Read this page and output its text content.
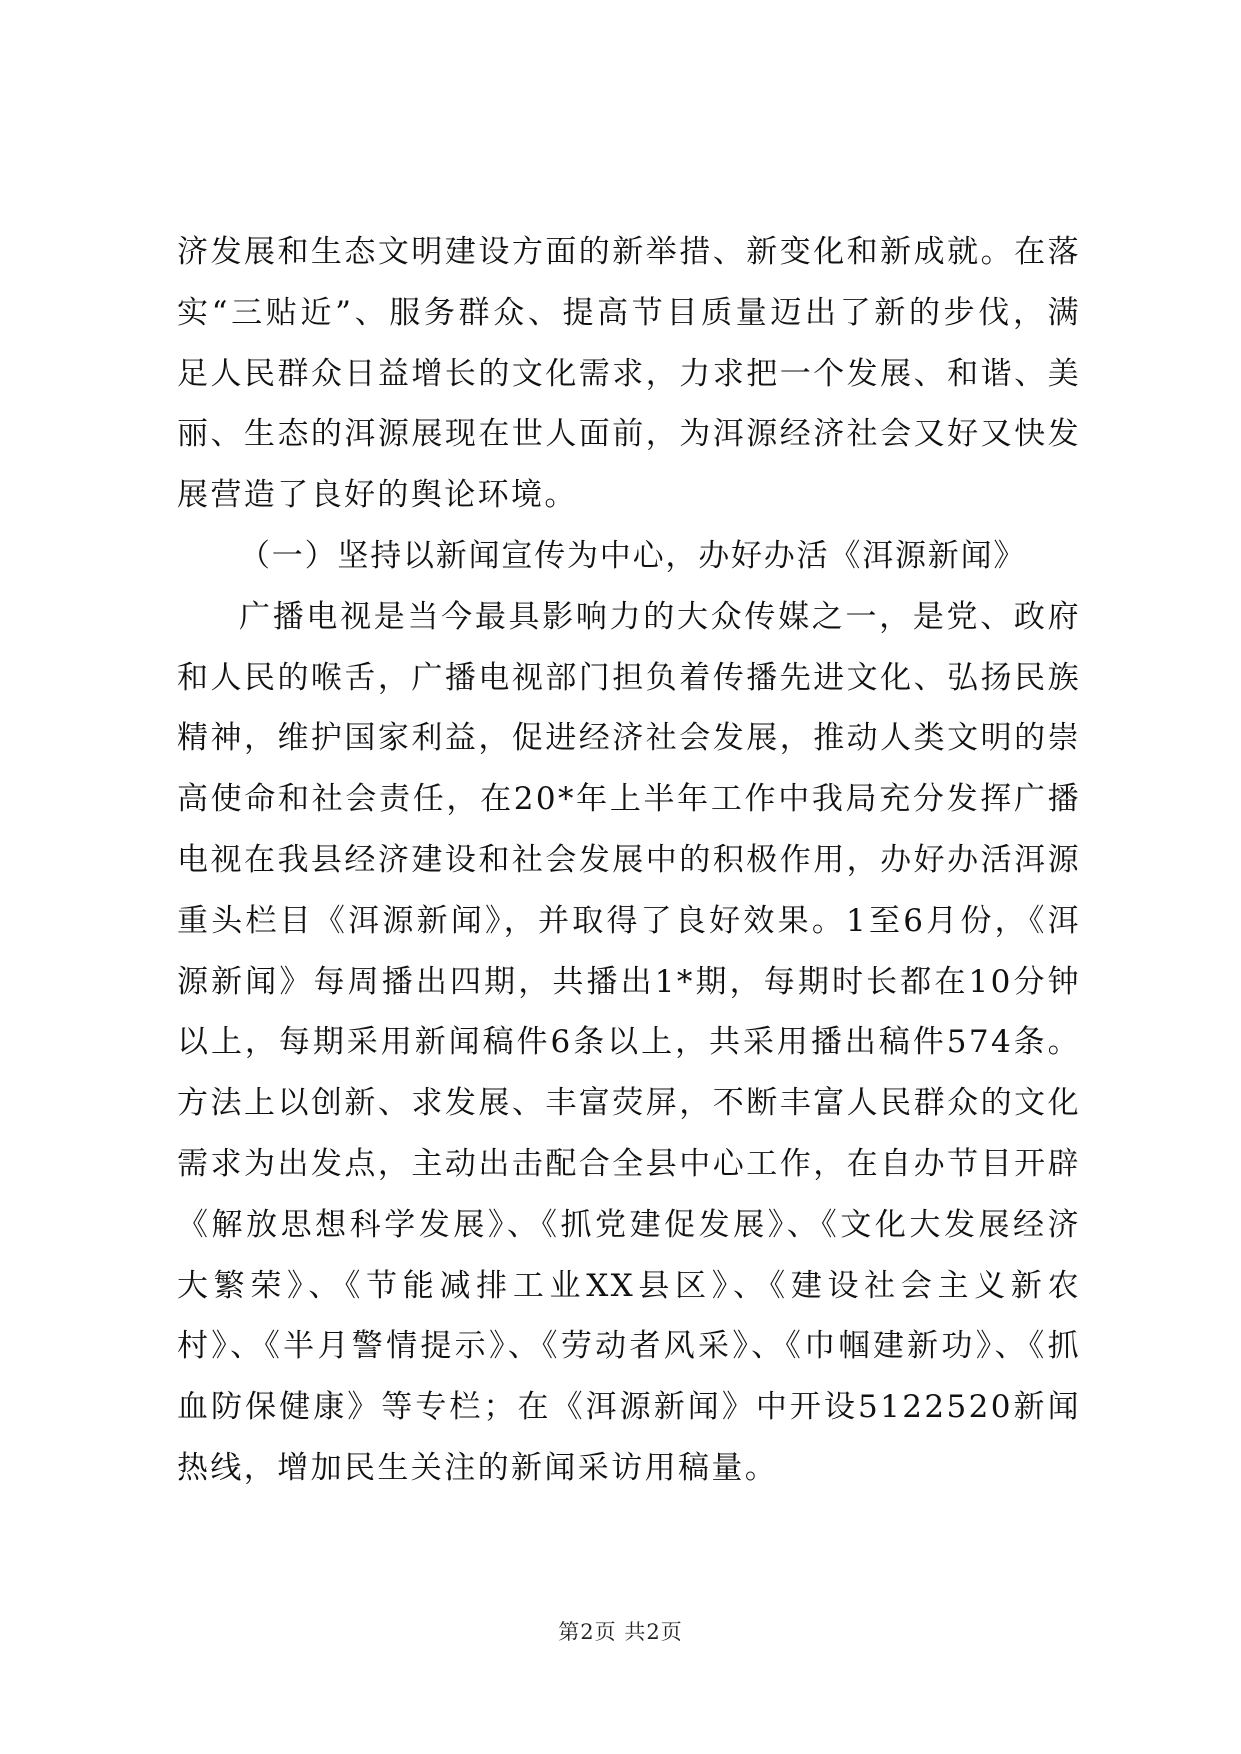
济发展和生态文明建设方面的新举措、新变化和新成就。在落实“三贴近”、服务群众、提高节目质量迈出了新的步伐，满足人民群众日益增长的文化需求，力求把一个发展、和谐、美丽、生态的洱源展现在世人面前，为洱源经济社会又好又快发展营造了良好的舆论环境。

（一）坚持以新闻宣传为中心，办好办活《洱源新闻》

广播电视是当今最具影响力的大众传媒之一，是党、政府和人民的喉舌，广播电视部门担负着传播先进文化、弘扬民族精神，维护国家利益，促进经济社会发展，推动人类文明的崇高使命和社会责任，在20*年上半年工作中我局充分发挥广播电视在我县经济建设和社会发展中的积极作用，办好办活洱源重头栏目《洱源新闻》，并取得了良好效果。1至6月份，《洱源新闻》每周播出四期，共播出1*期，每期时长都在10分钟以上，每期采用新闻稿件6条以上，共采用播出稿件574条。方法上以创新、求发展、丰富荧屏，不断丰富人民群众的文化需求为出发点，主动出击配合全县中心工作，在自办节目开辟《解放思想科学发展》、《抓党建促发展》、《文化大发展经济大繁荣》、《节能减排工业XX县区》、《建设社会主义新农村》、《半月警情提示》、《劳动者风采》、《巾帼建新功》、《抓血防保健康》等专栏；在《洱源新闻》中开设5122520新闻热线，增加民生关注的新闻采访用稿量。

第2页 共2页
